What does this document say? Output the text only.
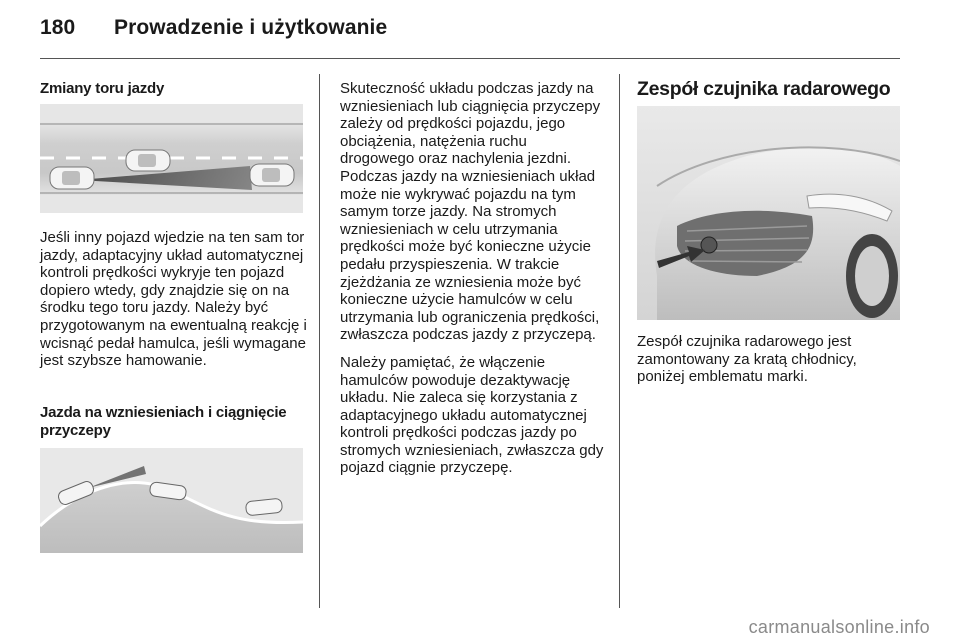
180 Prowadzenie i użytkowanie
Zmiany toru jazdy

Jeśli inny pojazd wjedzie na ten sam tor jazdy, adaptacyjny układ automatycznej kontroli prędkości wykryje ten pojazd dopiero wtedy, gdy znajdzie się on na środku tego toru jazdy. Należy być przygotowanym na ewentualną reakcję i wcisnąć pedał hamulca, jeśli wymagane jest szybsze hamowanie.

Jazda na wzniesieniach i ciągnięcie przyczepy

Skuteczność układu podczas jazdy na wzniesieniach lub ciągnięcia przyczepy zależy od prędkości pojazdu, jego obciążenia, natężenia ruchu drogowego oraz nachylenia jezdni. Podczas jazdy na wzniesieniach układ może nie wykrywać pojazdu na tym samym torze jazdy. Na stromych wzniesieniach w celu utrzymania prędkości może być konieczne użycie pedału przyspieszenia. W trakcie zjeżdżania ze wzniesienia może być konieczne użycie hamulców w celu utrzymania lub ograniczenia prędkości, zwłaszcza podczas jazdy z przyczepą.

Należy pamiętać, że włączenie hamulców powoduje dezaktywację układu. Nie zaleca się korzystania z adaptacyjnego układu automatycznej kontroli prędkości podczas jazdy po stromych wzniesieniach, zwłaszcza gdy pojazd ciągnie przyczepę.

Zespół czujnika radarowego

Zespół czujnika radarowego jest zamontowany za kratą chłodnicy, poniżej emblematu marki.

carmanualsonline.info
